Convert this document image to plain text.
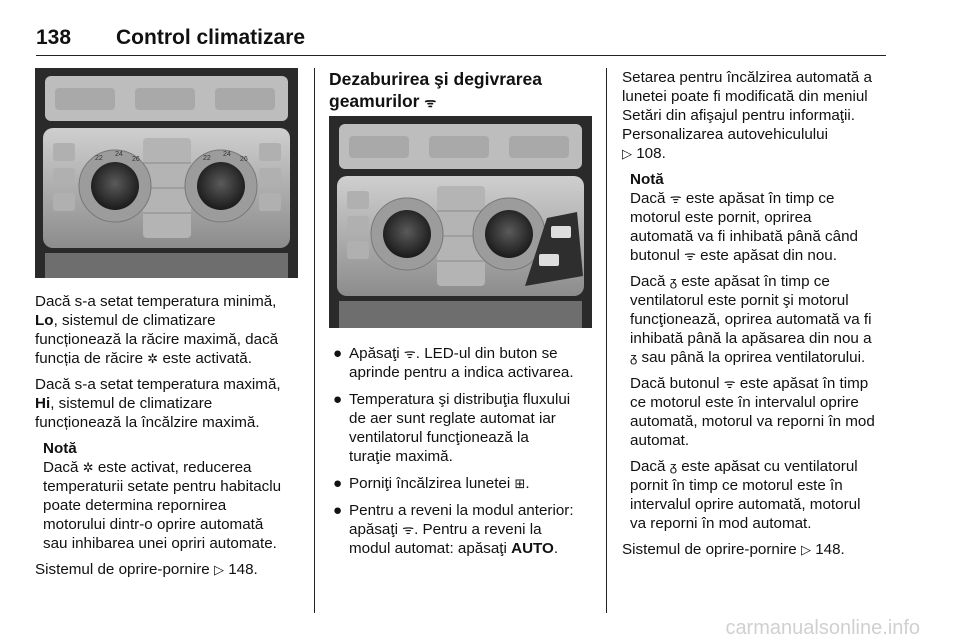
138 Control climatizare
22
24
26	22
24
26

Dacă s-a setat temperatura minimă,
Lo, sistemul de climatizare
funcționează la răcire maximă, dacă
funcția de răcire ✲ este activată.

Dacă s-a setat temperatura maximă,
Hi, sistemul de climatizare
funcționează la încălzire maximă.

Notă

Dacă ✲ este activat, reducerea
temperaturii setate pentru habitaclu
poate determina repornirea
motorului dintr-o oprire automată
sau inhibarea unei opriri automate.

Sistemul de oprire-pornire ▷ 148.

Dezaburirea şi degivrarea
geamurilor ᯤ
● Apăsaţi ᯤ. LED-ul din buton se
aprinde pentru a indica activarea.
● Temperatura şi distribuţia fluxului
de aer sunt reglate automat iar
ventilatorul funcţionează la
turaţie maximă.
● Porniţi încălzirea lunetei ⊞.
● Pentru a reveni la modul anterior:
apăsaţi ᯤ. Pentru a reveni la
modul automat: apăsaţi AUTO.

Setarea pentru încălzirea automată a
lunetei poate fi modificată din meniul
Setări din afişajul pentru informaţii.
Personalizarea autovehiculului
▷ 108.

Notă

Dacă ᯤ este apăsat în timp ce
motorul este pornit, oprirea
automată va fi inhibată până când
butonul ᯤ este apăsat din nou.

Dacă ᵹ este apăsat în timp ce
ventilatorul este pornit şi motorul
funcţionează, oprirea automată va fi
inhibată până la apăsarea din nou a
ᵹ sau până la oprirea ventilatorului.

Dacă butonul ᯤ este apăsat în timp
ce motorul este în intervalul oprire
automată, motorul va reporni în mod
automat.

Dacă ᵹ este apăsat cu ventilatorul
pornit în timp ce motorul este în
intervalul oprire automată, motorul
va reporni în mod automat.

Sistemul de oprire-pornire ▷ 148.

carmanualsonline.info
